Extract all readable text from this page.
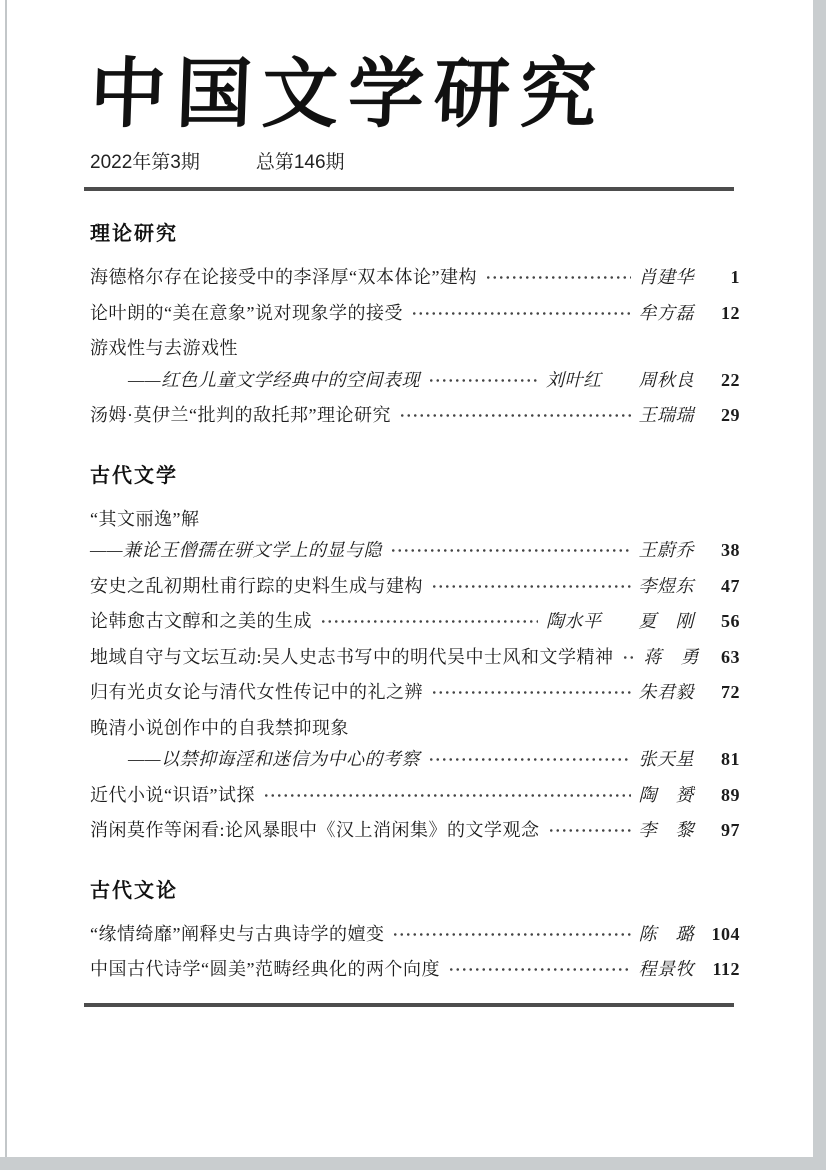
中国文学研究
2022年第3期	总第146期
理论研究
海德格尔存在论接受中的李泽厚“双本体论”建构	肖建华	1
论叶朗的“美在意象”说对现象学的接受	牟方磊	12
游戏性与去游戏性
——红色儿童文学经典中的空间表现	刘叶红　　周秋良	22
汤姆·莫伊兰“批判的敌托邦”理论研究	王瑞瑞	29
古代文学
“其文丽逸”解
——兼论王僧孺在骈文学上的显与隐	王蔚乔	38
安史之乱初期杜甫行踪的史料生成与建构	李煜东	47
论韩愈古文醇和之美的生成	陶水平　　夏　刚	56
地域自守与文坛互动:吴人史志书写中的明代吴中士风和文学精神 蒋　勇	63
归有光贞女论与清代女性传记中的礼之辨	朱君毅	72
晚清小说创作中的自我禁抑现象
——以禁抑诲淫和迷信为中心的考察	张天星	81
近代小说“识语”试探	陶　赟	89
消闲莫作等闲看:论风暴眼中《汉上消闲集》的文学观念	李　黎	97
古代文论
“缘情绮靡”阐释史与古典诗学的嬗变	陈　璐 104
中国古代诗学“圆美”范畴经典化的两个向度	程景牧	112
